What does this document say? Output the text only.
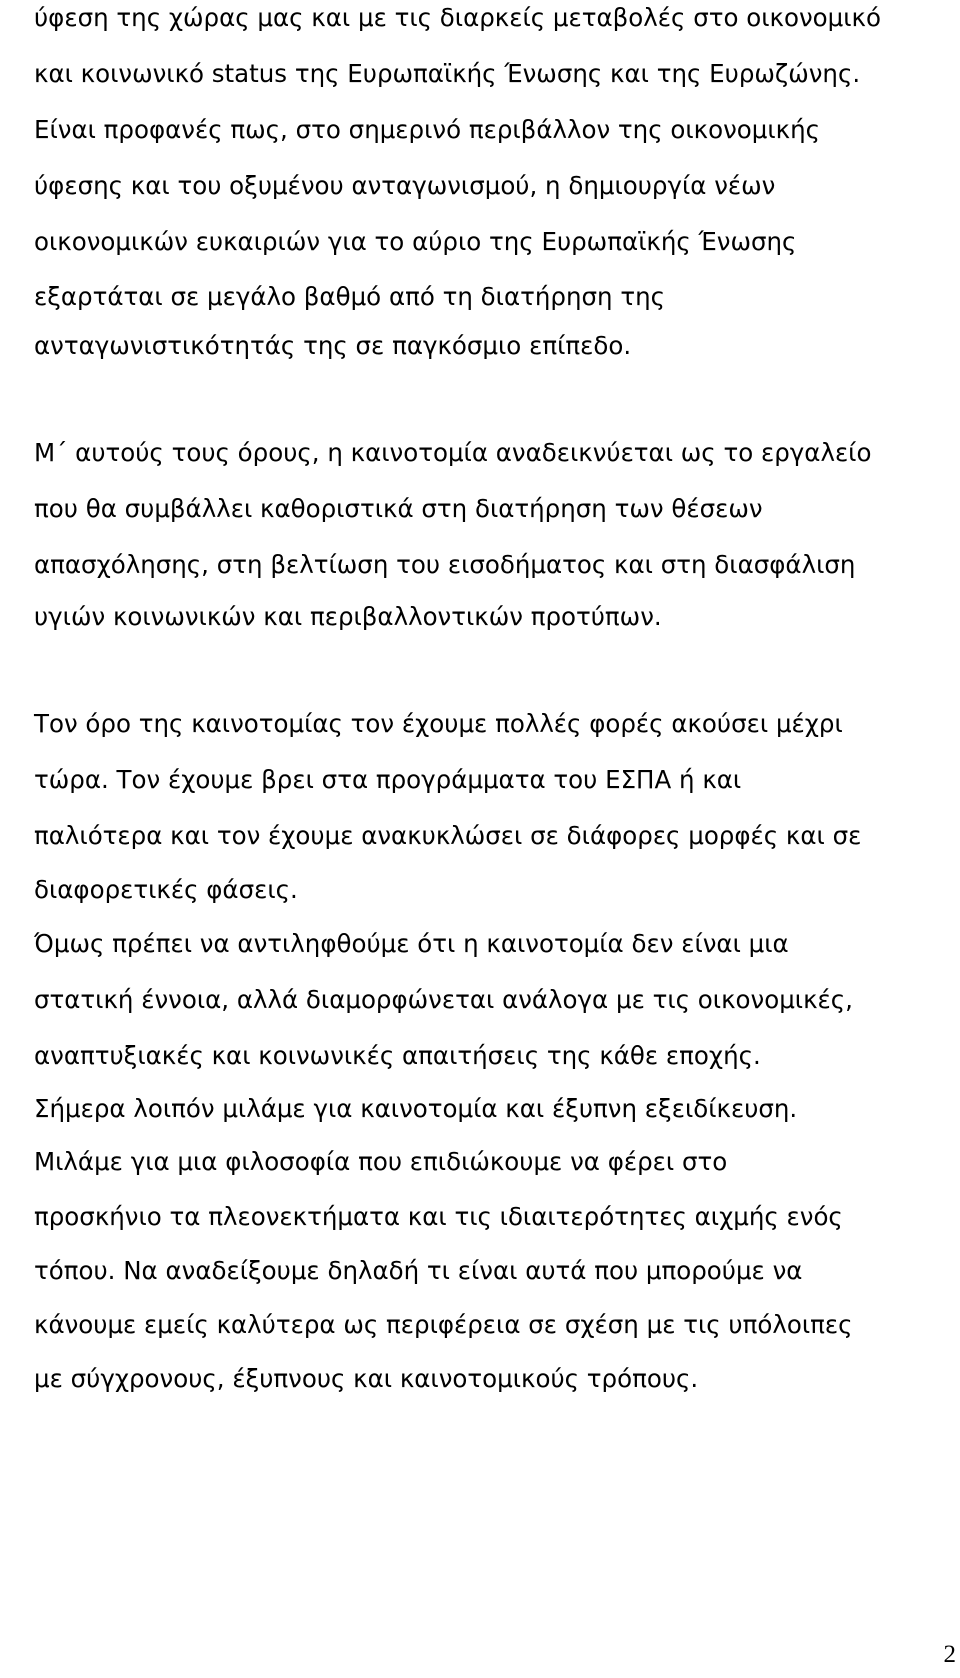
ύφεση της χώρας μας και με τις διαρκείς μεταβολές στο οικονομικό

και κοινωνικό status της Ευρωπαϊκής Ένωσης και της Ευρωζώνης.

Είναι προφανές πως, στο σημερινό περιβάλλον της οικονομικής

ύφεσης και του οξυμένου ανταγωνισμού, η δημιουργία νέων

οικονομικών ευκαιριών για το αύριο της Ευρωπαϊκής Ένωσης

εξαρτάται σε μεγάλο βαθμό από τη διατήρηση της

ανταγωνιστικότητάς της σε παγκόσμιο επίπεδο.

Μ΄ αυτούς τους όρους, η καινοτομία αναδεικνύεται ως το εργαλείο

που θα συμβάλλει καθοριστικά στη διατήρηση των θέσεων

απασχόλησης, στη βελτίωση του εισοδήματος και στη διασφάλιση

υγιών κοινωνικών και περιβαλλοντικών προτύπων.

Τον όρο της καινοτομίας τον έχουμε πολλές φορές ακούσει μέχρι

τώρα. Τον έχουμε βρει στα προγράμματα του ΕΣΠΑ ή και

παλιότερα και τον έχουμε ανακυκλώσει σε διάφορες μορφές και σε

διαφορετικές φάσεις.

Όμως πρέπει να αντιληφθούμε ότι η καινοτομία δεν είναι μια

στατική έννοια, αλλά διαμορφώνεται ανάλογα με τις οικονομικές,

αναπτυξιακές και κοινωνικές απαιτήσεις της κάθε εποχής.

Σήμερα λοιπόν μιλάμε για καινοτομία και έξυπνη εξειδίκευση.

Μιλάμε για μια φιλοσοφία που επιδιώκουμε να φέρει στο

προσκήνιο τα πλεονεκτήματα και τις ιδιαιτερότητες αιχμής ενός

τόπου. Να αναδείξουμε δηλαδή τι είναι αυτά που μπορούμε να

κάνουμε εμείς καλύτερα ως περιφέρεια σε σχέση με τις υπόλοιπες

με σύγχρονους, έξυπνους και καινοτομικούς τρόπους.

2
